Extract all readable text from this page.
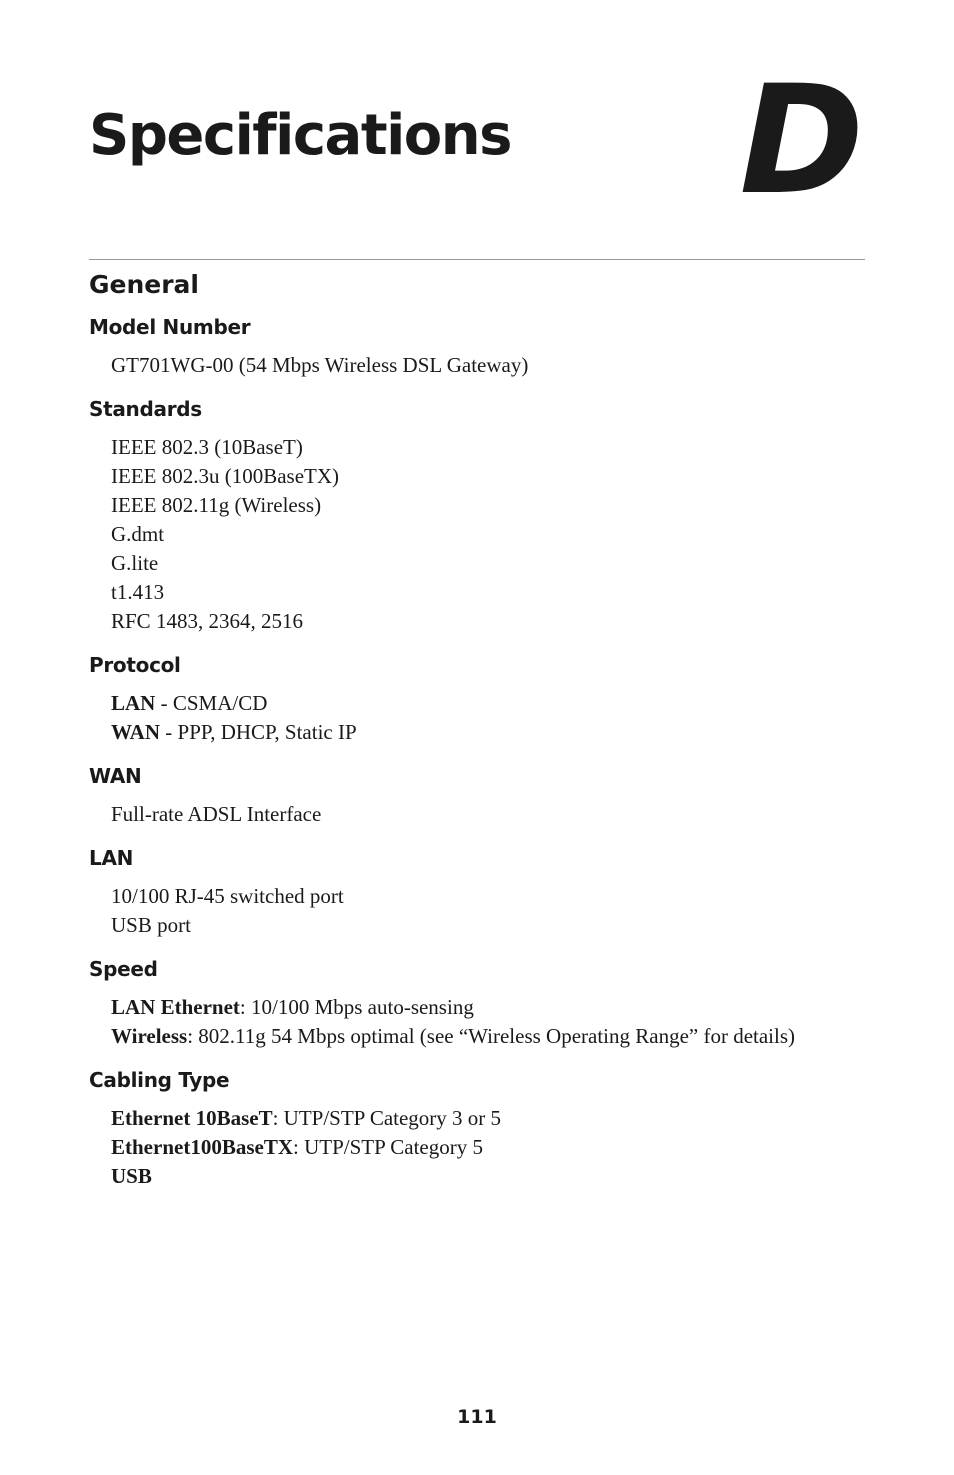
Specifications D
General
Model Number
GT701WG-00 (54 Mbps Wireless DSL Gateway)
Standards
IEEE 802.3 (10BaseT)
IEEE 802.3u (100BaseTX)
IEEE 802.11g (Wireless)
G.dmt
G.lite
t1.413
RFC 1483, 2364, 2516
Protocol
LAN - CSMA/CD
WAN - PPP, DHCP, Static IP
WAN
Full-rate ADSL Interface
LAN
10/100 RJ-45 switched port
USB port
Speed
LAN Ethernet: 10/100 Mbps auto-sensing
Wireless: 802.11g 54 Mbps optimal (see “Wireless Operating Range” for details)
Cabling Type
Ethernet 10BaseT: UTP/STP Category 3 or 5
Ethernet100BaseTX: UTP/STP Category 5
USB
111
